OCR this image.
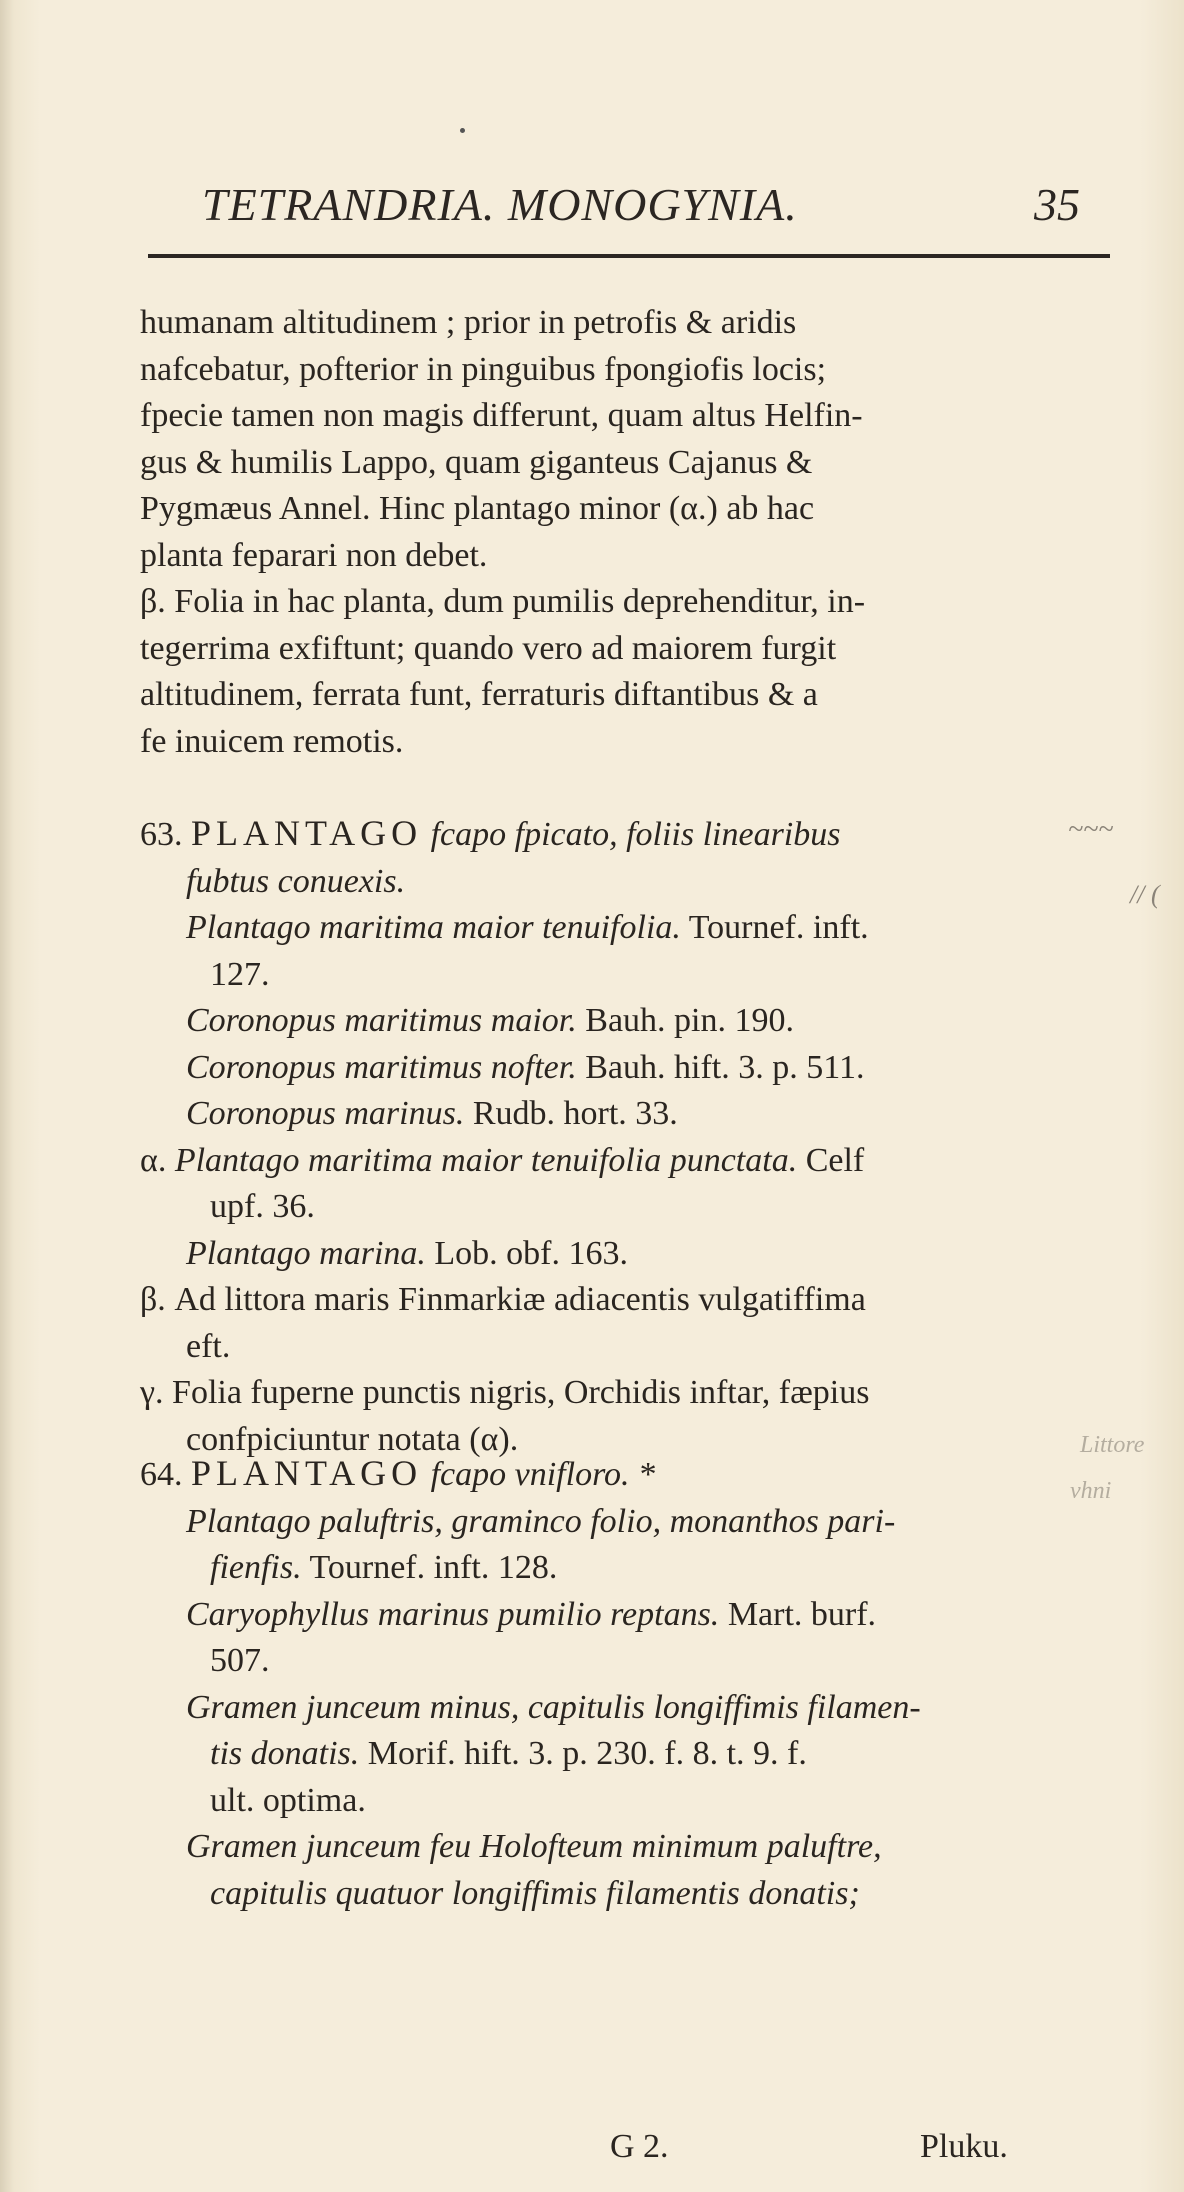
TETRANDRIA. MONOGYNIA.	35
humanam altitudinem ; prior in petrofis & aridis
nafcebatur, pofterior in pinguibus fpongiofis locis;
fpecie tamen non magis differunt, quam altus Helfin-
gus & humilis Lappo, quam giganteus Cajanus &
Pygmæus Annel. Hinc plantago minor (α.) ab hac
planta feparari non debet.
β. Folia in hac planta, dum pumilis deprehenditur, in-
tegerrima exfiftunt; quando vero ad maiorem furgit
altitudinem, ferrata funt, ferraturis diftantibus & a
fe inuicem remotis.
63. PLANTAGO fcapo fpicato, foliis linearibus
fubtus conuexis.
Plantago maritima maior tenuifolia. Tournef. inft.
127.
Coronopus maritimus maior. Bauh. pin. 190.
Coronopus maritimus nofter. Bauh. hift. 3. p. 511.
Coronopus marinus. Rudb. hort. 33.
α. Plantago maritima maior tenuifolia punctata. Celf
upf. 36.
Plantago marina. Lob. obf. 163.
β. Ad littora maris Finmarkiæ adiacentis vulgatiffima
eft.
γ. Folia fuperne punctis nigris, Orchidis inftar, fæpius
confpiciuntur notata (α).
64. PLANTAGO fcapo vnifloro. *
Plantago paluftris, graminco folio, monanthos pari-
fienfis. Tournef. inft. 128.
Caryophyllus marinus pumilio reptans. Mart. burf.
507.
Gramen junceum minus, capitulis longiffimis filamen-
tis donatis. Morif. hift. 3. p. 230. f. 8. t. 9. f.
ult. optima.
Gramen junceum feu Holofteum minimum paluftre,
capitulis quatuor longiffimis filamentis donatis;
G 2.	Pluku.
~~~
// (
Littore
vhni
